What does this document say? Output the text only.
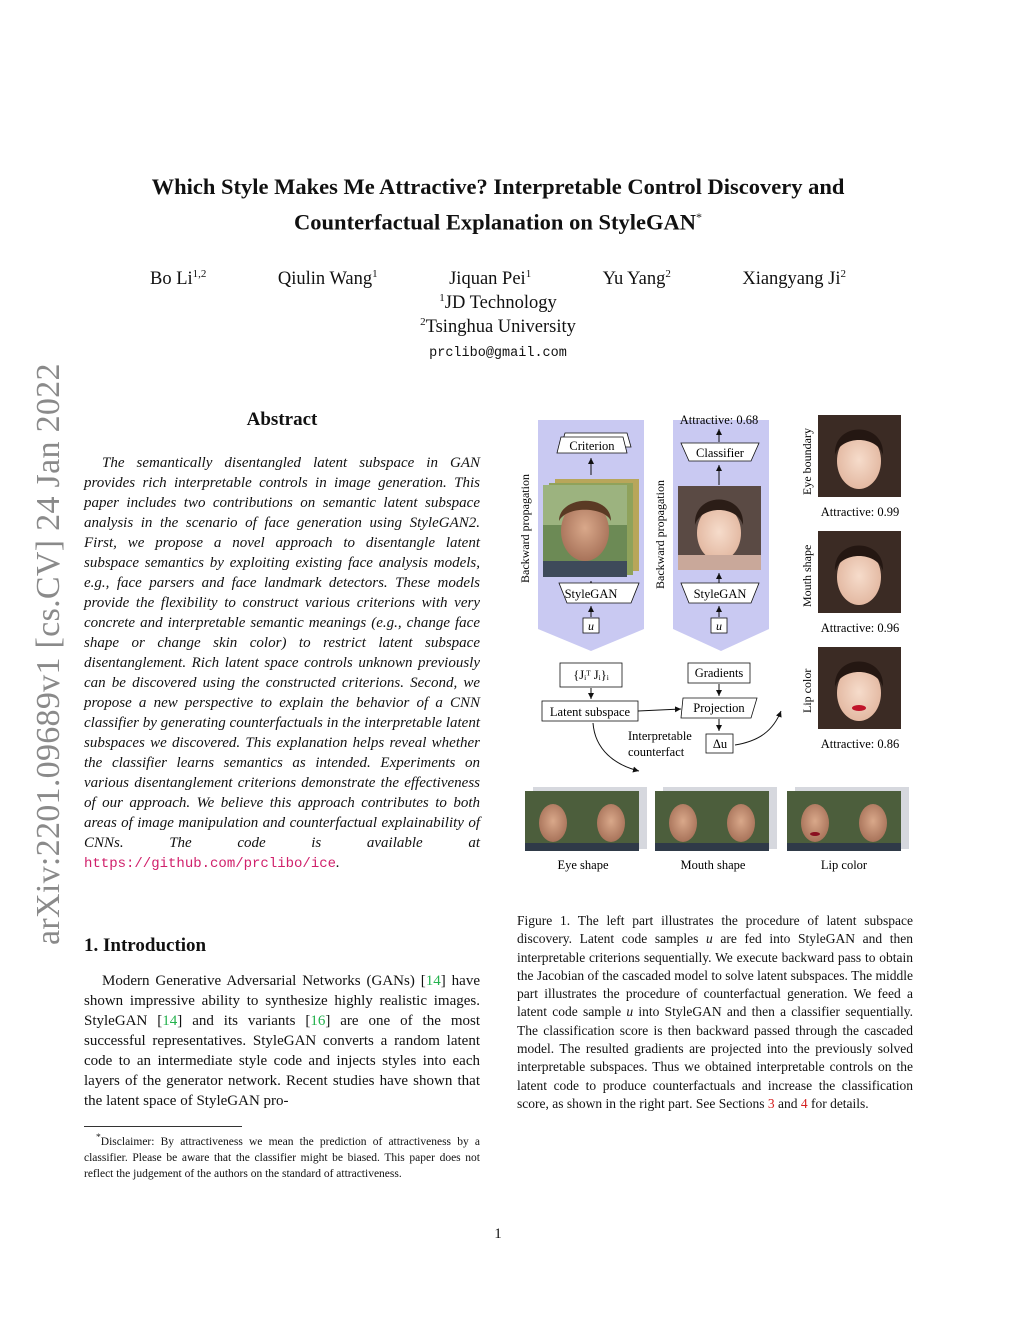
arXiv:2201.09689v1 [cs.CV] 24 Jan 2022
Which Style Makes Me Attractive? Interpretable Control Discovery and
Counterfactual Explanation on StyleGAN*
Bo Li$^{1,2}$	Qiulin Wang$^1$	Jiquan Pei$^1$	Yu Yang$^2$	Xiangyang Ji$^2$
$^1$JD Technology
$^2$Tsinghua University
prclibo@gmail.com
Abstract
The semantically disentangled latent subspace in GAN provides rich interpretable controls in image generation. This paper includes two contributions on semantic latent subspace analysis in the scenario of face generation using StyleGAN2. First, we propose a novel approach to disentangle latent subspace semantics by exploiting existing face analysis models, e.g., face parsers and face landmark detectors. These models provide the flexibility to construct various criterions with very concrete and interpretable semantic meanings (e.g., change face shape or change skin color) to restrict latent subspace disentanglement. Rich latent space controls unknown previously can be discovered using the constructed criterions. Second, we propose a new perspective to explain the behavior of a CNN classifier by generating counterfactuals in the interpretable latent subspaces we discovered. This explanation helps reveal whether the classifier learns semantics as intended. Experiments on various disentanglement criterions demonstrate the effectiveness of our approach. We believe this approach contributes to both areas of image manipulation and counterfactual explainability of CNNs. The code is available at https://github.com/prclibo/ice.
1. Introduction
Modern Generative Adversarial Networks (GANs) [14] have shown impressive ability to synthesize highly realistic images. StyleGAN [14] and its variants [16] are one of the most successful representatives. StyleGAN converts a random latent code to an intermediate style code and injects styles into each layers of the generator network. Recent studies have shown that the latent space of StyleGAN pro-
*Disclaimer: By attractiveness we mean the prediction of attractiveness by a classifier. Please be aware that the classifier might be biased. This paper does not reflect the judgement of the authors on the standard of attractiveness.
Criterion
StyleGAN
u
Backward propagation	Backward propagation
Attractive: 0.68
Classifier
StyleGAN
u
{Jᵢᵀ Jᵢ}ᵢ
Latent subspace
Gradients
Projection
Δu
Interpretable
counterfact
Eye boundary
Attractive: 0.99
Mouth shape
Attractive: 0.96
Lip color
Attractive: 0.86
Eye shape	Mouth shape	Lip color
Figure 1. The left part illustrates the procedure of latent subspace discovery. Latent code samples u are fed into StyleGAN and then interpretable criterions sequentially. We execute backward pass to obtain the Jacobian of the cascaded model to solve latent subspaces. The middle part illustrates the procedure of counterfactual generation. We feed a latent code sample u into StyleGAN and then a classifier sequentially. The classification score is then backward passed through the cascaded model. The resulted gradients are projected into the previously solved interpretable subspaces. Thus we obtained interpretable controls on the latent code to produce counterfactuals and increase the classification score, as shown in the right part. See Sections 3 and 4 for details.
1
